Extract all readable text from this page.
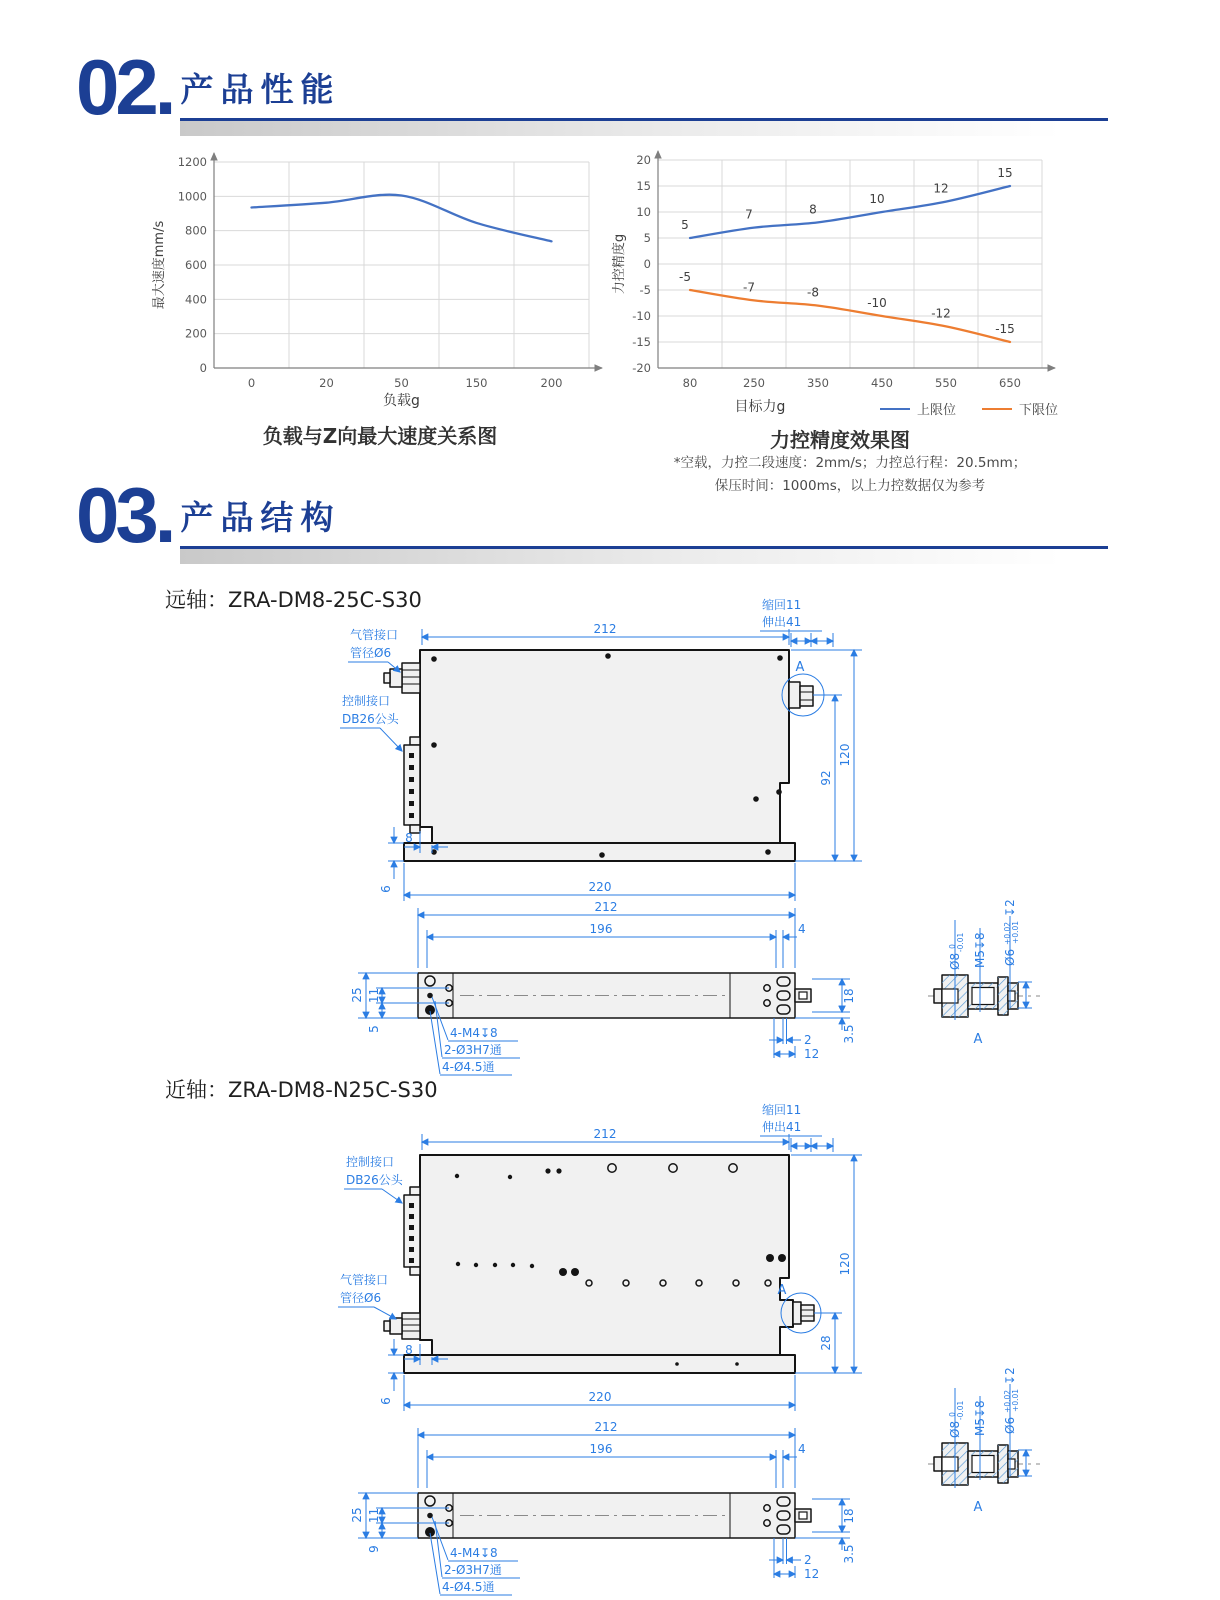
02. 产品性能
0
200
400
600
800
1000
1200
0	20	50	150	200
最大速度mm/s
负载g
负载与Z向最大速度关系图
-20
-15
-10
-5
0
5
10
15
20
80	250	350	450	550	650
5
7	8
10
12
15
-5
-7	-8
-10
-12
-15
力控精度g
目标力g	上限位	下限位
力控精度效果图
*空载，力控二段速度：2mm/s；力控总行程：20.5mm；
保压时间：1000ms，以上力控数据仅为参考
03. 产品结构
远轴：ZRA-DM8-25C-S30
A
212
缩回11
伸出41
120
92
8
6	220
气管接口
管径Ø6
控制接口
DB26公头
212
196	4
25 11
5
18
3.5
2
12
4-M4↧8
2-Ø3H7通
4-Ø4.5通
$Ø8^0-0.01$ M5↧8 $Ø6^{+0.02}+0.01↧2$
A
近轴：ZRA-DM8-N25C-S30
A
212
缩回11
伸出41
120
28
8
6	220
控制接口
DB26公头
气管接口
管径Ø6
212
196	4
25 11
9
18
3.5
2
12
4-M4↧8
2-Ø3H7通
4-Ø4.5通
$Ø8^0-0.01$ M5↧8 $Ø6^{+0.02}+0.01↧2$
A
